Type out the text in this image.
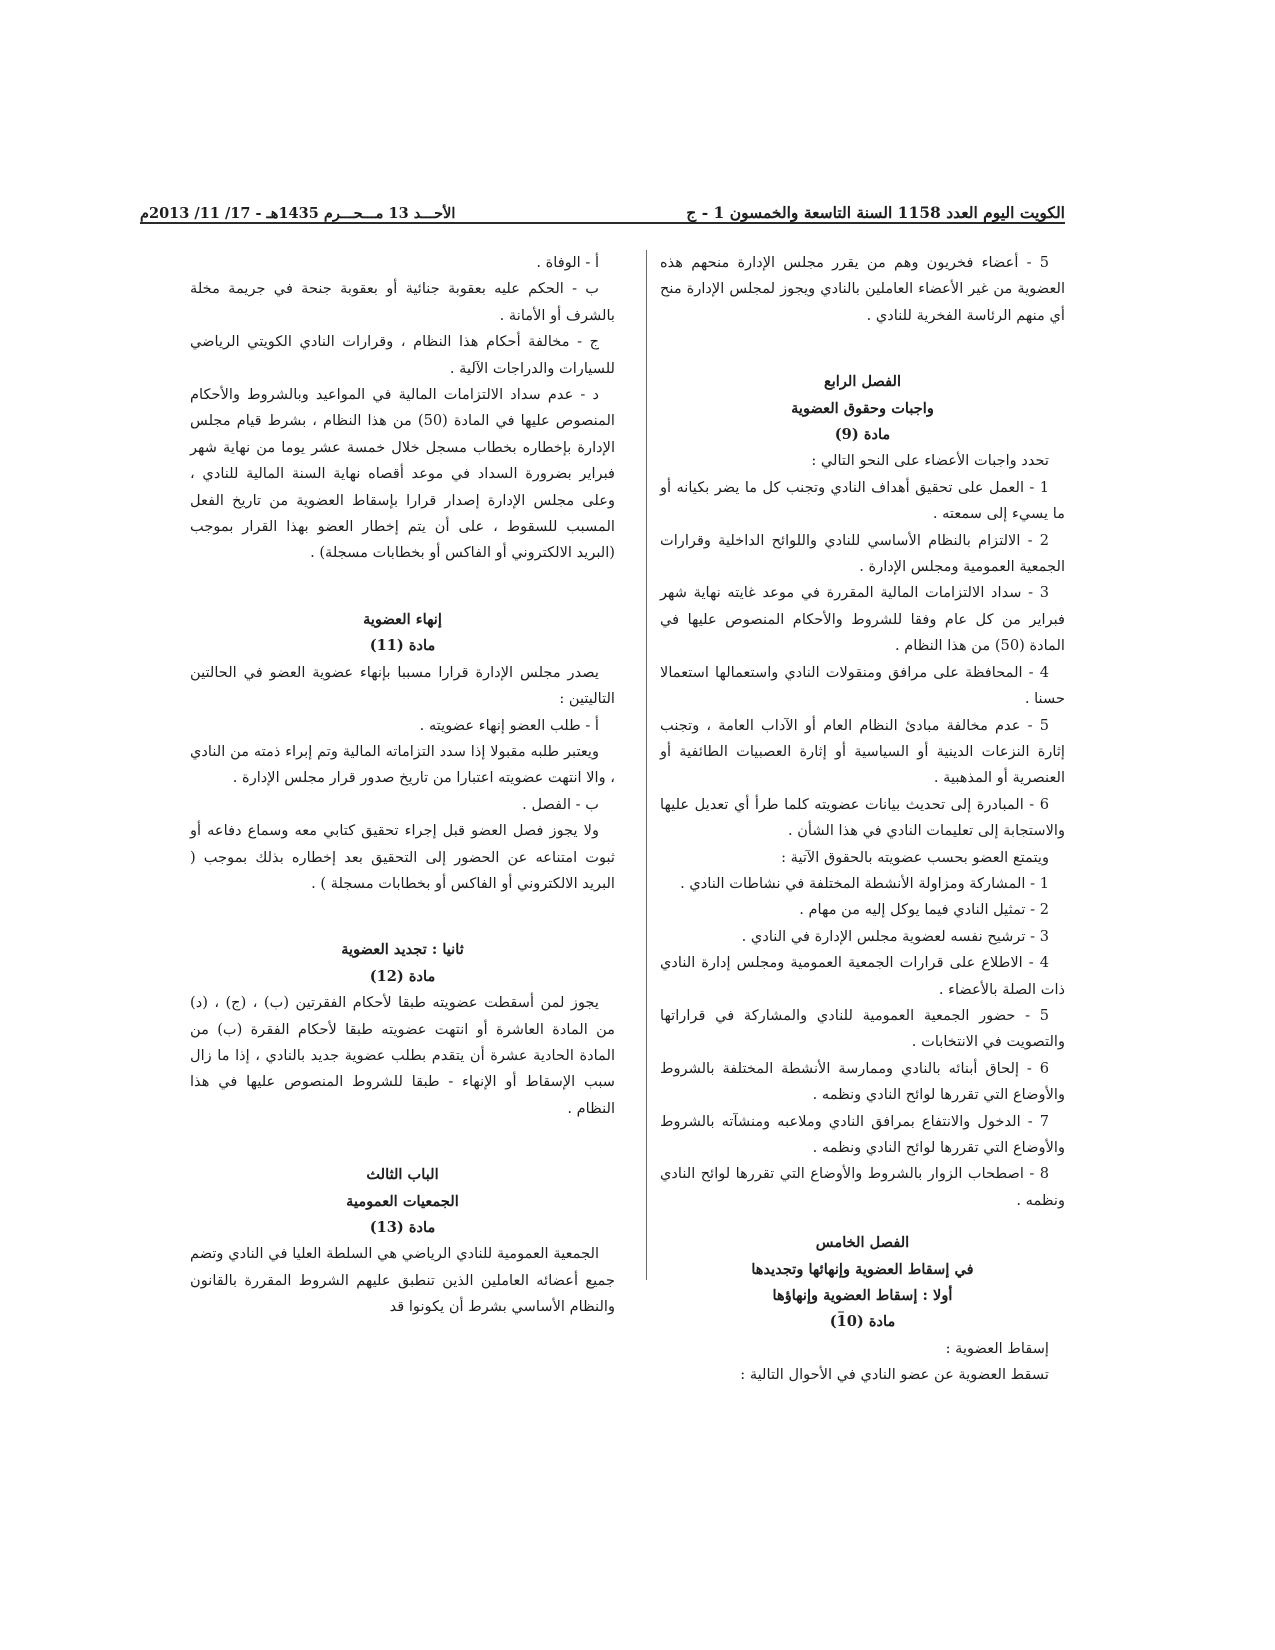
الكويت اليوم العدد 1158 السنة التاسعة والخمسون 1 - ج
الأحـــد 13 مـــحـــرم 1435هـ - 17/ 11/ 2013م

5 - أعضاء فخريون وهم من يقرر مجلس الإدارة منحهم هذه العضوية من غير الأعضاء العاملين بالنادي ويجوز لمجلس الإدارة منح أي منهم الرئاسة الفخرية للنادي .

الفصل الرابع
واجبات وحقوق العضوية
مادة (9)

تحدد واجبات الأعضاء على النحو التالي :

1 - العمل على تحقيق أهداف النادي وتجنب كل ما يضر بكيانه أو ما يسيء إلى سمعته .

2 - الالتزام بالنظام الأساسي للنادي واللوائح الداخلية وقرارات الجمعية العمومية ومجلس الإدارة .

3 - سداد الالتزامات المالية المقررة في موعد غايته نهاية شهر فبراير من كل عام وفقا للشروط والأحكام المنصوص عليها في المادة (50) من هذا النظام .

4 - المحافظة على مرافق ومنقولات النادي واستعمالها استعمالا حسنا .

5 - عدم مخالفة مبادئ النظام العام أو الآداب العامة ، وتجنب إثارة النزعات الدينية أو السياسية أو إثارة العصبيات الطائفية أو العنصرية أو المذهبية .

6 - المبادرة إلى تحديث بيانات عضويته كلما طرأ أي تعديل عليها والاستجابة إلى تعليمات النادي في هذا الشأن .

ويتمتع العضو بحسب عضويته بالحقوق الآتية :

1 - المشاركة ومزاولة الأنشطة المختلفة في نشاطات النادي .

2 - تمثيل النادي فيما يوكل إليه من مهام .

3 - ترشيح نفسه لعضوية مجلس الإدارة في النادي .

4 - الاطلاع على قرارات الجمعية العمومية ومجلس إدارة النادي ذات الصلة بالأعضاء .

5 - حضور الجمعية العمومية للنادي والمشاركة في قراراتها والتصويت في الانتخابات .

6 - إلحاق أبنائه بالنادي وممارسة الأنشطة المختلفة بالشروط والأوضاع التي تقررها لوائح النادي ونظمه .

7 - الدخول والانتفاع بمرافق النادي وملاعبه ومنشآته بالشروط والأوضاع التي تقررها لوائح النادي ونظمه .

8 - اصطحاب الزوار بالشروط والأوضاع التي تقررها لوائح النادي ونظمه .

الفصل الخامس
في إسقاط العضوية وإنهائها وتجديدها
أولا : إسقاط العضوية وإنهاؤها
مادة (10)

إسقاط العضوية :

تسقط العضوية عن عضو النادي في الأحوال التالية :

أ - الوفاة .

ب - الحكم عليه بعقوبة جنائية أو بعقوبة جنحة في جريمة مخلة بالشرف أو الأمانة .

ج - مخالفة أحكام هذا النظام ، وقرارات النادي الكويتي الرياضي للسيارات والدراجات الآلية .

د - عدم سداد الالتزامات المالية في المواعيد وبالشروط والأحكام المنصوص عليها في المادة (50) من هذا النظام ، بشرط قيام مجلس الإدارة بإخطاره بخطاب مسجل خلال خمسة عشر يوما من نهاية شهر فبراير بضرورة السداد في موعد أقصاه نهاية السنة المالية للنادي ، وعلى مجلس الإدارة إصدار قرارا بإسقاط العضوية من تاريخ الفعل المسبب للسقوط ، على أن يتم إخطار العضو بهذا القرار بموجب (البريد الالكتروني أو الفاكس أو بخطابات مسجلة) .

إنهاء العضوية
مادة (11)

يصدر مجلس الإدارة قرارا مسببا بإنهاء عضوية العضو في الحالتين التاليتين :

أ - طلب العضو إنهاء عضويته .

ويعتبر طلبه مقبولا إذا سدد التزاماته المالية وتم إبراء ذمته من النادي ، والا انتهت عضويته اعتبارا من تاريخ صدور قرار مجلس الإدارة .

ب - الفصل .

ولا يجوز فصل العضو قبل إجراء تحقيق كتابي معه وسماع دفاعه أو ثبوت امتناعه عن الحضور إلى التحقيق بعد إخطاره بذلك بموجب ( البريد الالكتروني أو الفاكس أو بخطابات مسجلة ) .

ثانيا : تجديد العضوية
مادة (12)

يجوز لمن أسقطت عضويته طبقا لأحكام الفقرتين (ب) ، (ج) ، (د) من المادة العاشرة أو انتهت عضويته طبقا لأحكام الفقرة (ب) من المادة الحادية عشرة أن يتقدم بطلب عضوية جديد بالنادي ، إذا ما زال سبب الإسقاط أو الإنهاء - طبقا للشروط المنصوص عليها في هذا النظام .

الباب الثالث
الجمعيات العمومية
مادة (13)

الجمعية العمومية للنادي الرياضي هي السلطة العليا في النادي وتضم جميع أعضائه العاملين الذين تنطبق عليهم الشروط المقررة بالقانون والنظام الأساسي بشرط أن يكونوا قد
